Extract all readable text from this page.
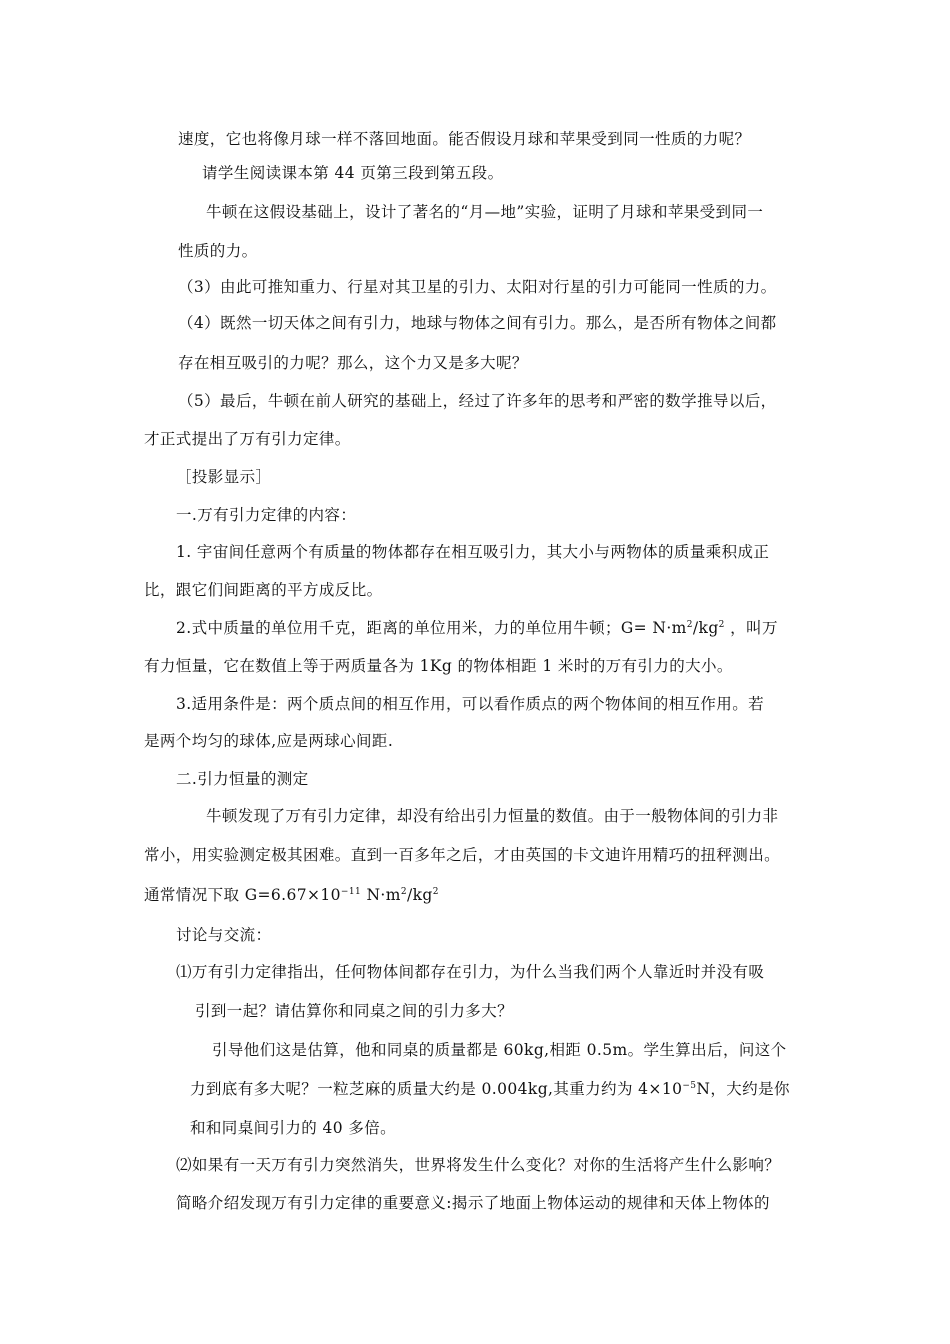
速度，它也将像月球一样不落回地面。能否假设月球和苹果受到同一性质的力呢？
请学生阅读课本第 44 页第三段到第五段。
牛顿在这假设基础上，设计了著名的“月—地”实验，证明了月球和苹果受到同一
性质的力。
（3）由此可推知重力、行星对其卫星的引力、太阳对行星的引力可能同一性质的力。
（4）既然一切天体之间有引力，地球与物体之间有引力。那么，是否所有物体之间都
存在相互吸引的力呢？那么，这个力又是多大呢？
（5）最后，牛顿在前人研究的基础上，经过了许多年的思考和严密的数学推导以后，
才正式提出了万有引力定律。
［投影显示］
一.万有引力定律的内容：
1. 宇宙间任意两个有质量的物体都存在相互吸引力，其大小与两物体的质量乘积成正
比，跟它们间距离的平方成反比。
2.式中质量的单位用千克，距离的单位用米，力的单位用牛顿；$G= N\cdot m^2/kg^2$ ，叫万
有力恒量，它在数值上等于两质量各为 1Kg 的物体相距 1 米时的万有引力的大小。
3.适用条件是：两个质点间的相互作用，可以看作质点的两个物体间的相互作用。若
是两个均匀的球体,应是两球心间距.
二.引力恒量的测定
牛顿发现了万有引力定律，却没有给出引力恒量的数值。由于一般物体间的引力非
常小，用实验测定极其困难。直到一百多年之后，才由英国的卡文迪许用精巧的扭秤测出。
通常情况下取 $G=6.67\times 10^{-11}$ $N\cdot m^2/kg^2$
讨论与交流：
⑴万有引力定律指出，任何物体间都存在引力，为什么当我们两个人靠近时并没有吸
引到一起？请估算你和同桌之间的引力多大？
引导他们这是估算，他和同桌的质量都是 60kg,相距 0.5m。学生算出后，问这个
力到底有多大呢？一粒芝麻的质量大约是 0.004kg,其重力约为 $4\times 10^{-5}N$，大约是你
和和同桌间引力的 40 多倍。
⑵如果有一天万有引力突然消失，世界将发生什么变化？对你的生活将产生什么影响？
简略介绍发现万有引力定律的重要意义:揭示了地面上物体运动的规律和天体上物体的
